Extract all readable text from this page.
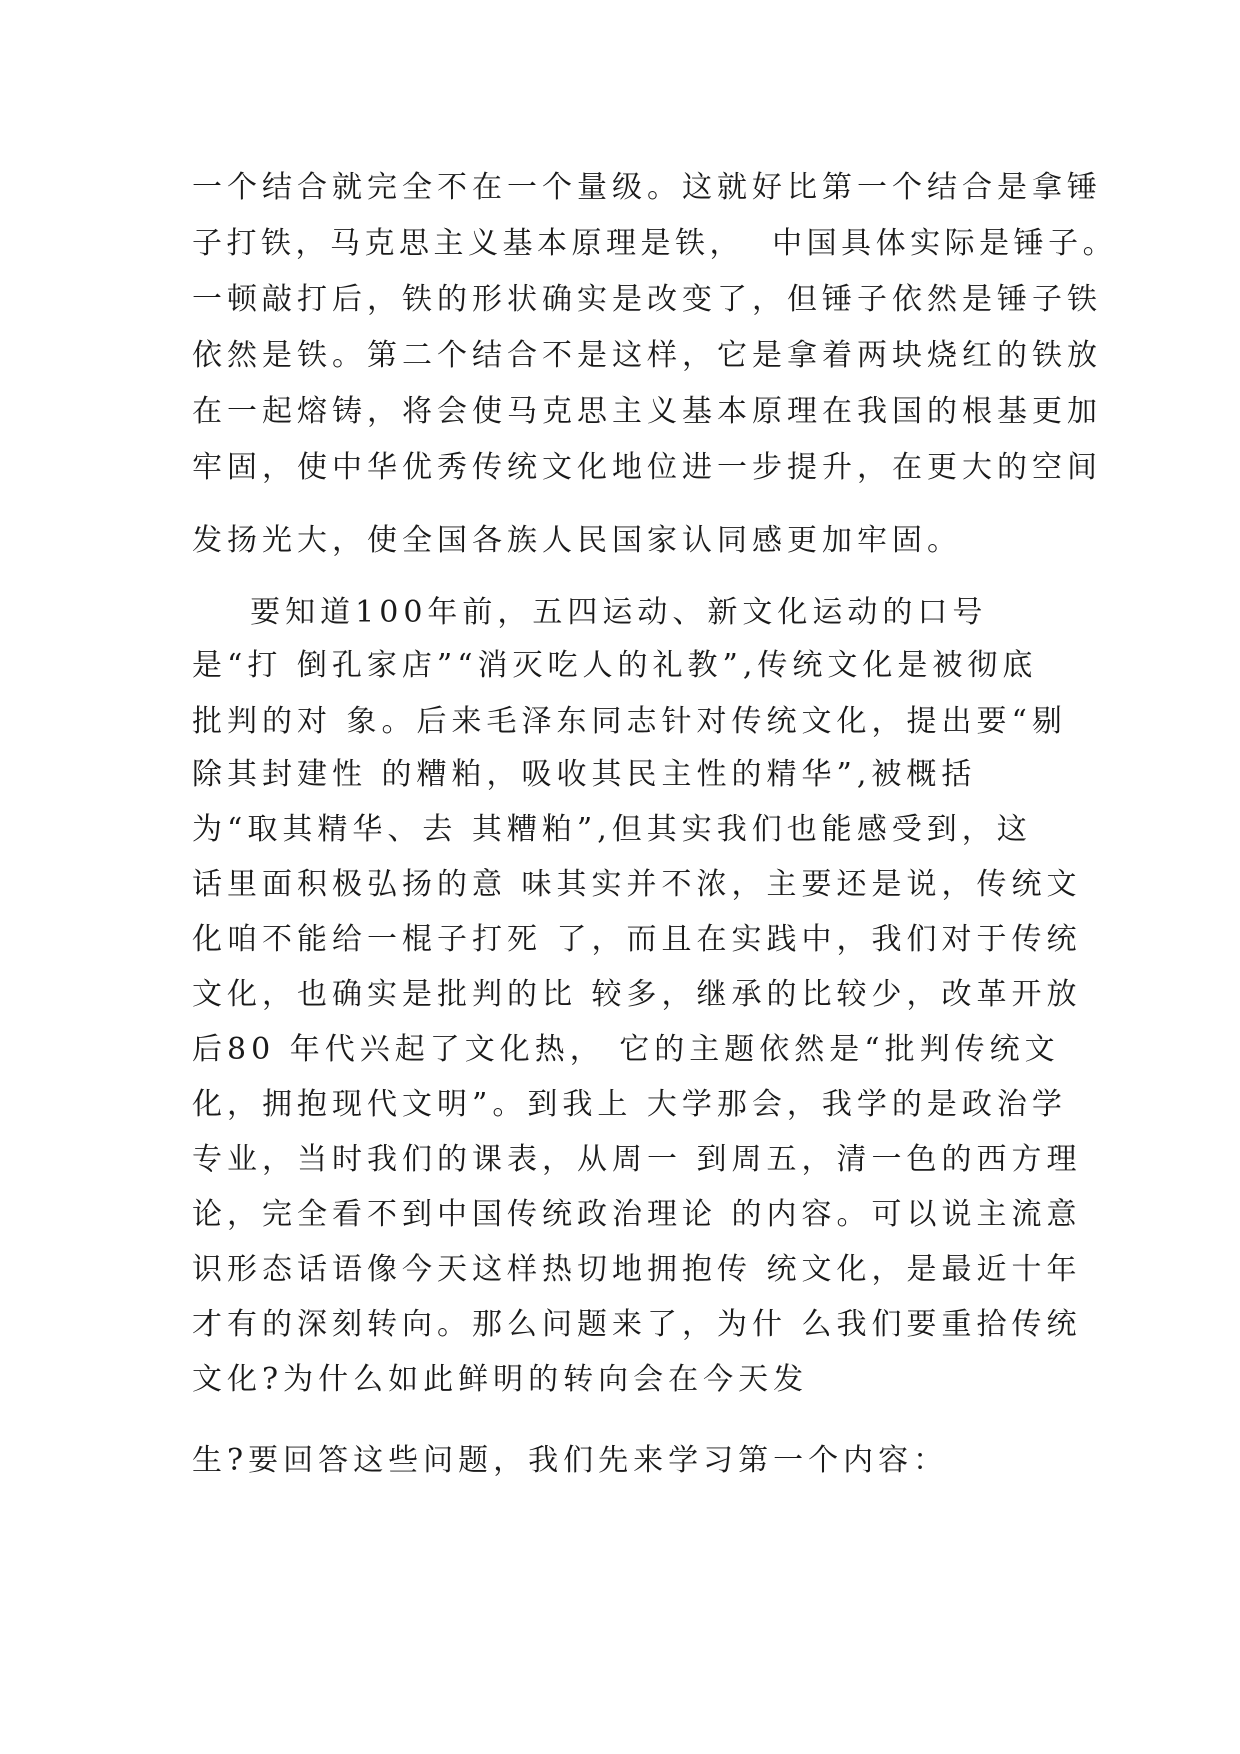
一个结合就完全不在一个量级。这就好比第一个结合是拿锤
子打铁，马克思主义基本原理是铁，  中国具体实际是锤子。
一顿敲打后，铁的形状确实是改变了，但锤子依然是锤子铁
依然是铁。第二个结合不是这样，它是拿着两块烧红的铁放
在一起熔铸，将会使马克思主义基本原理在我国的根基更加
牢固，使中华优秀传统文化地位进一步提升，在更大的空间
发扬光大，使全国各族人民国家认同感更加牢固。
要知道100年前，五四运动、新文化运动的口号
是“打 倒孔家店”“消灭吃人的礼教”,传统文化是被彻底
批判的对 象。后来毛泽东同志针对传统文化，提出要“剔
除其封建性 的糟粕，吸收其民主性的精华”,被概括
为“取其精华、去 其糟粕”,但其实我们也能感受到，这
话里面积极弘扬的意 味其实并不浓，主要还是说，传统文
化咱不能给一棍子打死 了，而且在实践中，我们对于传统
文化，也确实是批判的比 较多，继承的比较少，改革开放
后80 年代兴起了文化热， 它的主题依然是“批判传统文
化，拥抱现代文明”。到我上 大学那会，我学的是政治学
专业，当时我们的课表，从周一 到周五，清一色的西方理
论，完全看不到中国传统政治理论 的内容。可以说主流意
识形态话语像今天这样热切地拥抱传 统文化，是最近十年
才有的深刻转向。那么问题来了，为什 么我们要重拾传统
文化?为什么如此鲜明的转向会在今天发
生?要回答这些问题，我们先来学习第一个内容：
